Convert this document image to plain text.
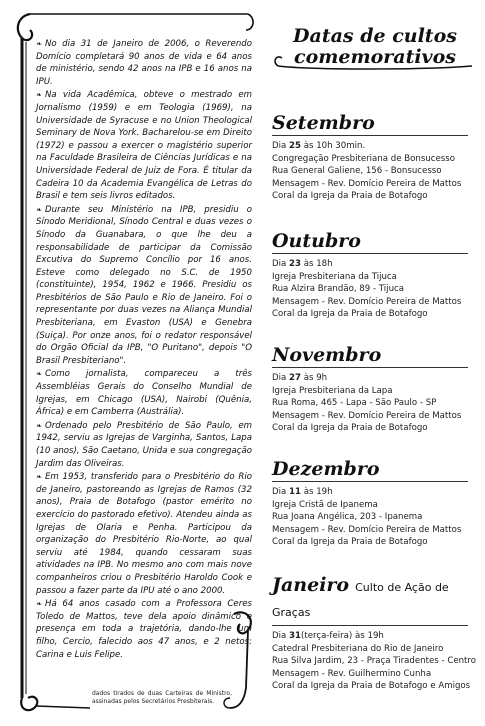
❧ No dia 31 de Janeiro de 2006, o Reverendo Domício completará 90 anos de vida e 64 anos de ministério, sendo 42 anos na IPB e 16 anos na IPU.

❧ Na vida Acadêmica, obteve o mestrado em Jornalismo (1959) e em Teologia (1969), na Universidade de Syracuse e no Union Theological Seminary de Nova York. Bacharelou-se em Direito (1972) e passou a exercer o magistério superior na Faculdade Brasileira de Ciências Jurídicas e na Universidade Federal de Juiz de Fora. É titular da Cadeira 10 da Academia Evangélica de Letras do Brasil e tem seis livros editados.

❧ Durante seu Ministério na IPB, presidiu o Sínodo Meridional, Sínodo Central e duas vezes o Sínodo da Guanabara, o que lhe deu a responsabilidade de participar da Comissão Excutiva do Supremo Concílio por 16 anos. Esteve como delegado no S.C. de 1950 (constituinte), 1954, 1962 e 1966. Presidiu os Presbitérios de São Paulo e Rio de Janeiro. Foi o representante por duas vezes na Aliança Mundial Presbiteriana, em Evaston (USA) e Genebra (Suiça). Por onze anos, foi o redator responsável do Orgão Oficial da IPB, "O Puritano", depois "O Brasil Presbiteriano".

❧ Como jornalista, compareceu a três Assembléias Gerais do Conselho Mundial de Igrejas, em Chicago (USA), Nairobi (Quênia, África) e em Camberra (Austrália).

❧ Ordenado pelo Presbitério de São Paulo, em 1942, serviu as Igrejas de Varginha, Santos, Lapa (10 anos), São Caetano, Unida e sua congregação Jardim das Oliveiras.

❧ Em 1953, transferido para o Presbitério do Rio de Janeiro, pastoreando as Igrejas de Ramos (32 anos), Praia de Botafogo (pastor emérito no exercício do pastorado efetivo). Atendeu ainda as Igrejas de Olaria e Penha. Participou da organização do Presbitério Rio-Norte, ao qual serviu até 1984, quando cessaram suas atividades na IPB. No mesmo ano com mais nove companheiros criou o Presbitério Haroldo Cook e passou a fazer parte da IPU até o ano 2000.

❧ Há 64 anos casado com a Professora Ceres Toledo de Mattos, teve dela apoio dinâmico e presença em toda a trajetória, dando-lhe um filho, Cercio, falecido aos 47 anos, e 2 netos: Carina e Luis Felipe.

dados tirados de duas Carteiras de Ministro, assinadas pelos Secretários Presbiterais.
Datas de cultos
comemorativos
Setembro
Dia 25 às 10h 30min.
Congregação Presbiteriana de Bonsucesso
Rua General Galiene, 156 - Bonsucesso
Mensagem - Rev. Domício Pereira de Mattos
Coral da Igreja da Praia de Botafogo
Outubro
Dia 23 às 18h
Igreja Presbiteriana da Tijuca
Rua Alzira Brandão, 89 - Tijuca
Mensagem - Rev. Domício Pereira de Mattos
Coral da Igreja da Praia de Botafogo
Novembro
Dia 27 às 9h
Igreja Presbiteriana da Lapa
Rua Roma, 465 - Lapa - São Paulo - SP
Mensagem - Rev. Domício Pereira de Mattos
Coral da Igreja da Praia de Botafogo
Dezembro
Dia 11 às 19h
Igreja Cristã de Ipanema
Rua Joana Angélica, 203 - Ipanema
Mensagem - Rev. Domício Pereira de Mattos
Coral da Igreja da Praia de Botafogo
Janeiro Culto de Ação de Graças
Dia 31(terça-feira) às 19h
Catedral Presbiteriana do Rio de Janeiro
Rua Silva Jardim, 23 - Praça Tiradentes - Centro
Mensagem - Rev. Guilhermino Cunha
Coral da Igreja da Praia de Botafogo e Amigos
